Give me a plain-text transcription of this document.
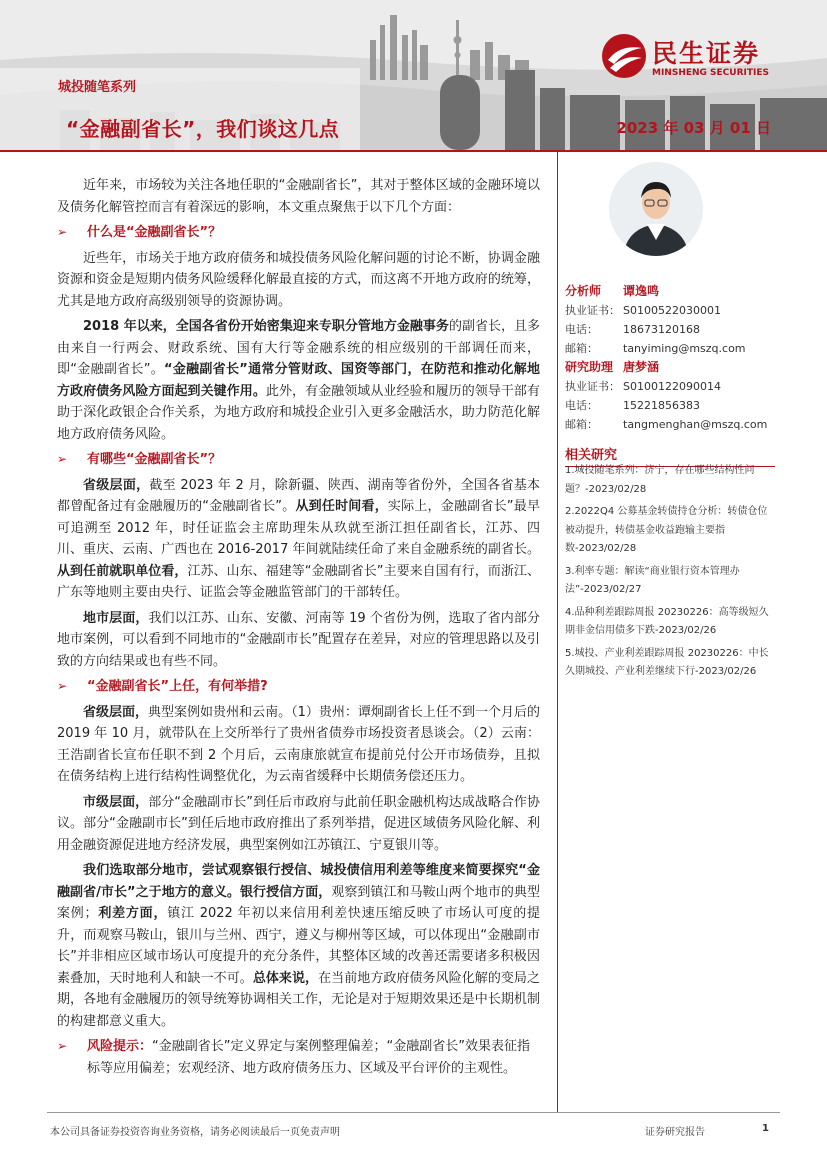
民生证券
MINSHENG SECURITIES
城投随笔系列
“金融副省长”，我们谈这几点	2023 年 03 月 01 日

近年来，市场较为关注各地任职的“金融副省长”，其对于整体区域的金融环境以及债务化解管控而言有着深远的影响，本文重点聚焦于以下几个方面：

➢	什么是“金融副省长”？

近些年，市场关于地方政府债务和城投债务风险化解问题的讨论不断，协调金融资源和资金是短期内债务风险缓释化解最直接的方式，而这离不开地方政府的统筹，尤其是地方政府高级别领导的资源协调。

2018 年以来，全国各省份开始密集迎来专职分管地方金融事务的副省长，且多由来自一行两会、财政系统、国有大行等金融系统的相应级别的干部调任而来，即“金融副省长”。“金融副省长”通常分管财政、国资等部门，在防范和推动化解地方政府债务风险方面起到关键作用。此外，有金融领域从业经验和履历的领导干部有助于深化政银企合作关系，为地方政府和城投企业引入更多金融活水，助力防范化解地方政府债务风险。

➢	有哪些“金融副省长”？

省级层面，截至 2023 年 2 月，除新疆、陕西、湖南等省份外，全国各省基本都曾配备过有金融履历的“金融副省长”。从到任时间看，实际上，金融副省长”最早可追溯至 2012 年，时任证监会主席助理朱从玖就至浙江担任副省长，江苏、四川、重庆、云南、广西也在 2016-2017 年间就陆续任命了来自金融系统的副省长。从到任前就职单位看，江苏、山东、福建等“金融副省长”主要来自国有行，而浙江、广东等地则主要由央行、证监会等金融监管部门的干部转任。

地市层面，我们以江苏、山东、安徽、河南等 19 个省份为例，选取了省内部分地市案例，可以看到不同地市的“金融副市长”配置存在差异，对应的管理思路以及引致的方向结果或也有些不同。

➢	“金融副省长”上任，有何举措?

省级层面，典型案例如贵州和云南。（1）贵州：谭炯副省长上任不到一个月后的 2019 年 10 月，就带队在上交所举行了贵州省债券市场投资者恳谈会。（2）云南：王浩副省长宣布任职不到 2 个月后，云南康旅就宣布提前兑付公开市场债券，且拟在债务结构上进行结构性调整优化，为云南省缓释中长期债务偿还压力。

市级层面，部分“金融副市长”到任后市政府与此前任职金融机构达成战略合作协议。部分“金融副市长”到任后地市政府推出了系列举措，促进区域债务风险化解、利用金融资源促进地方经济发展，典型案例如江苏镇江、宁夏银川等。

我们选取部分地市，尝试观察银行授信、城投债信用利差等维度来简要探究“金融副省/市长”之于地方的意义。银行授信方面，观察到镇江和马鞍山两个地市的典型案例；利差方面，镇江 2022 年初以来信用利差快速压缩反映了市场认可度的提升，而观察马鞍山，银川与兰州、西宁，遵义与柳州等区域，可以体现出“金融副市长”并非相应区域市场认可度提升的充分条件，其整体区域的改善还需要诸多积极因素叠加，天时地利人和缺一不可。总体来说，在当前地方政府债务风险化解的变局之期，各地有金融履历的领导统筹协调相关工作，无论是对于短期效果还是中长期机制的构建都意义重大。

➢	风险提示：“金融副省长”定义界定与案例整理偏差；“金融副省长”效果表征指标等应用偏差；宏观经济、地方政府债务压力、区域及平台评价的主观性。
分析师	谭逸鸣
执业证书： S0100522030001
电话：	18673120168
邮箱：	tanyiming@mszq.com
研究助理 唐梦涵
执业证书： S0100122090014
电话：	15221856383
邮箱：	tangmenghan@mszq.com
相关研究
1.城投随笔系列：济宁，存在哪些结构性问题？-2023/02/28
2.2022Q4 公募基金转债持仓分析：转债仓位被动提升，转债基金收益跑输主要指数-2023/02/28
3.利率专题：解读“商业银行资本管理办法”-2023/02/27
4.品种利差跟踪周报 20230226：高等级短久期非金信用债多下跌-2023/02/26
5.城投、产业利差跟踪周报 20230226：中长久期城投、产业利差继续下行-2023/02/26
本公司具备证券投资咨询业务资格，请务必阅读最后一页免责声明	证券研究报告	1
